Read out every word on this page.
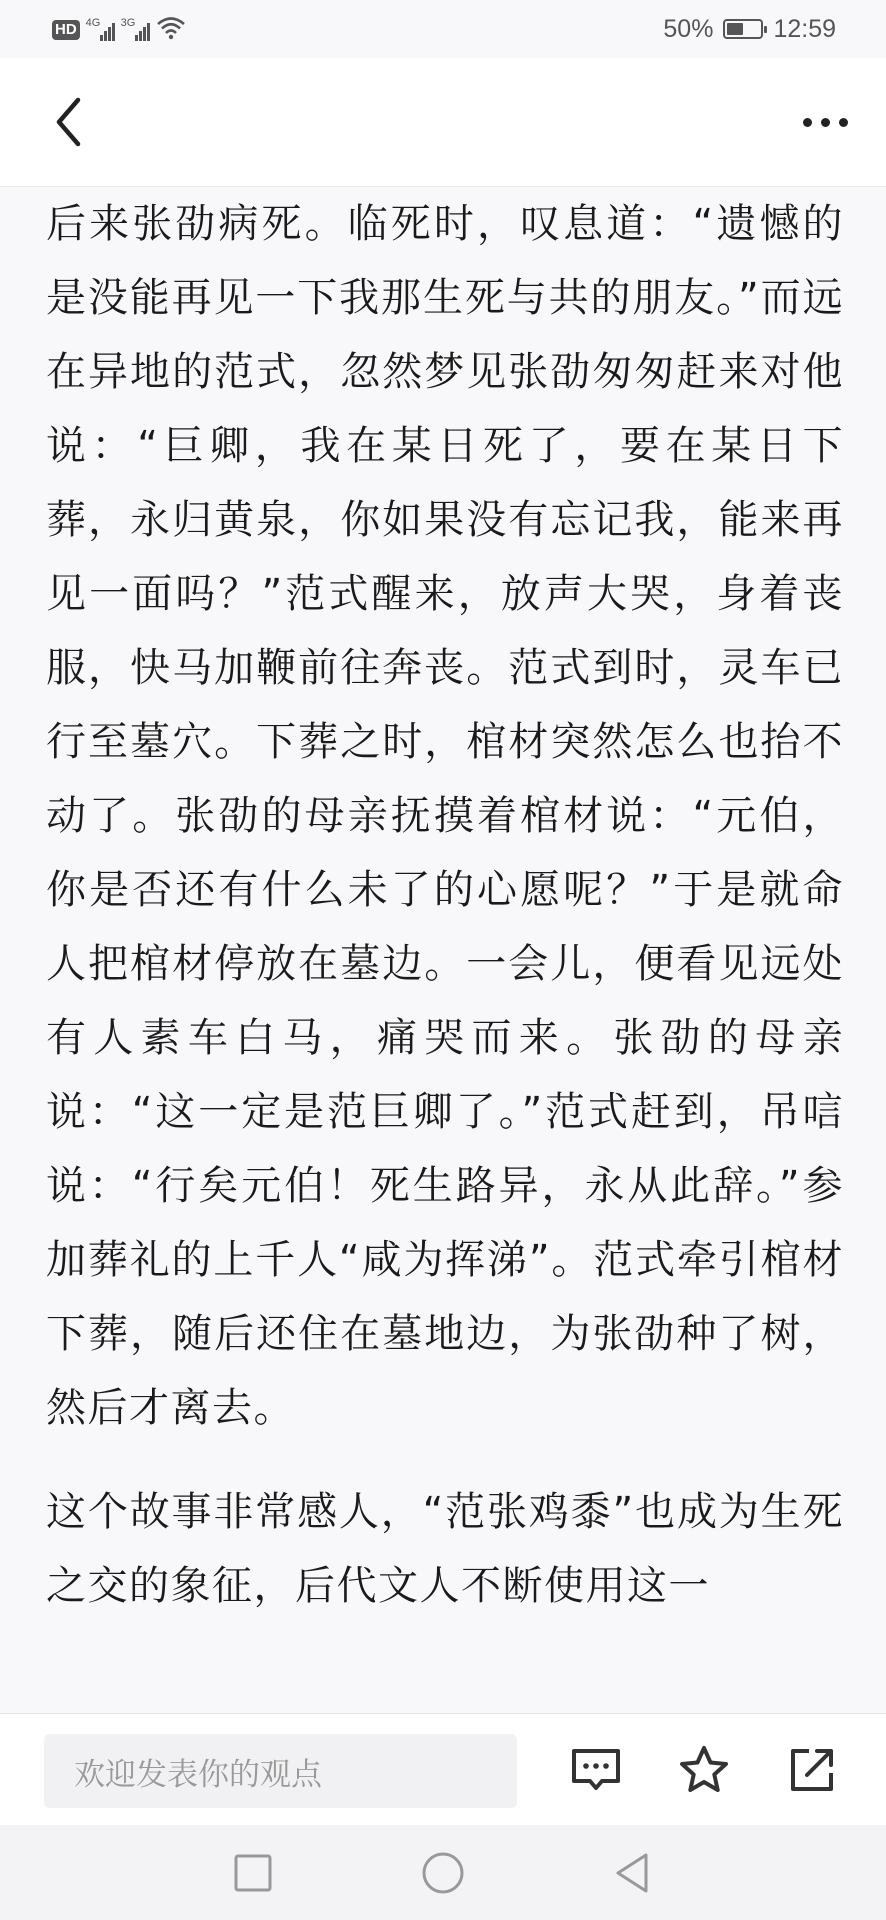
HD 4G 3G	50% 12:59

后来张劭病死。临死时，叹息道：“遗憾的是没能再见一下我那生死与共的朋友。”而远在异地的范式，忽然梦见张劭匆匆赶来对他说：“巨卿，我在某日死了，要在某日下葬，永归黄泉，你如果没有忘记我，能来再见一面吗？”范式醒来，放声大哭，身着丧服，快马加鞭前往奔丧。范式到时，灵车已行至墓穴。下葬之时，棺材突然怎么也抬不动了。张劭的母亲抚摸着棺材说：“元伯，你是否还有什么未了的心愿呢？”于是就命人把棺材停放在墓边。一会儿，便看见远处有人素车白马，痛哭而来。张劭的母亲说：“这一定是范巨卿了。”范式赶到，吊唁说：“行矣元伯！死生路异，永从此辞。”参加葬礼的上千人“咸为挥涕”。范式牵引棺材下葬，随后还住在墓地边，为张劭种了树，然后才离去。

这个故事非常感人，“范张鸡黍”也成为生死之交的象征，后代文人不断使用这一

欢迎发表你的观点
